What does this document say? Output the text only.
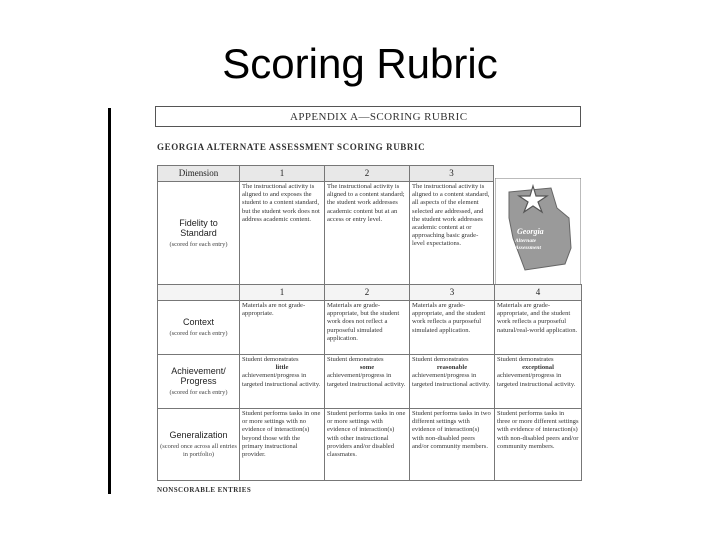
Scoring Rubric
APPENDIX A—SCORING RUBRIC
GEORGIA ALTERNATE ASSESSMENT SCORING RUBRIC
Dimension	1	2	3

Fidelity to Standard
(scored for each entry)	The instructional activity is aligned to and exposes the student to a content standard, but the student work does not address academic content.	The instructional activity is aligned to a content standard; the student work addresses academic content but at an access or entry level.	The instructional activity is aligned to a content standard, all aspects of the element selected are addressed, and the student work addresses academic content at or approaching basic grade-level expectations.
Georgia
Alternate
Assessment
	1	2	3	4

Context
(scored for each entry)	Materials are not grade-appropriate.	Materials are grade-appropriate, but the student work does not reflect a purposeful simulated application.	Materials are grade-appropriate, and the student work reflects a purposeful simulated application.	Materials are grade-appropriate, and the student work reflects a purposeful natural/real-world application.

Achievement/ Progress
(scored for each entry)	Student demonstrates
little
achievement/progress in targeted instructional activity.	Student demonstrates
some
achievement/progress in targeted instructional activity.	Student demonstrates
reasonable
achievement/progress in targeted instructional activity.	Student demonstrates
exceptional
achievement/progress in targeted instructional activity.

Generalization
(scored once across all entries in portfolio)	Student performs tasks in one or more settings with no evidence of interaction(s) beyond those with the primary instructional provider.	Student performs tasks in one or more settings with evidence of interaction(s) with other instructional providers and/or disabled classmates.	Student performs tasks in two different settings with evidence of interaction(s) with non-disabled peers and/or community members.	Student performs tasks in three or more different settings with evidence of interaction(s) with non-disabled peers and/or community members.
NONSCORABLE ENTRIES
